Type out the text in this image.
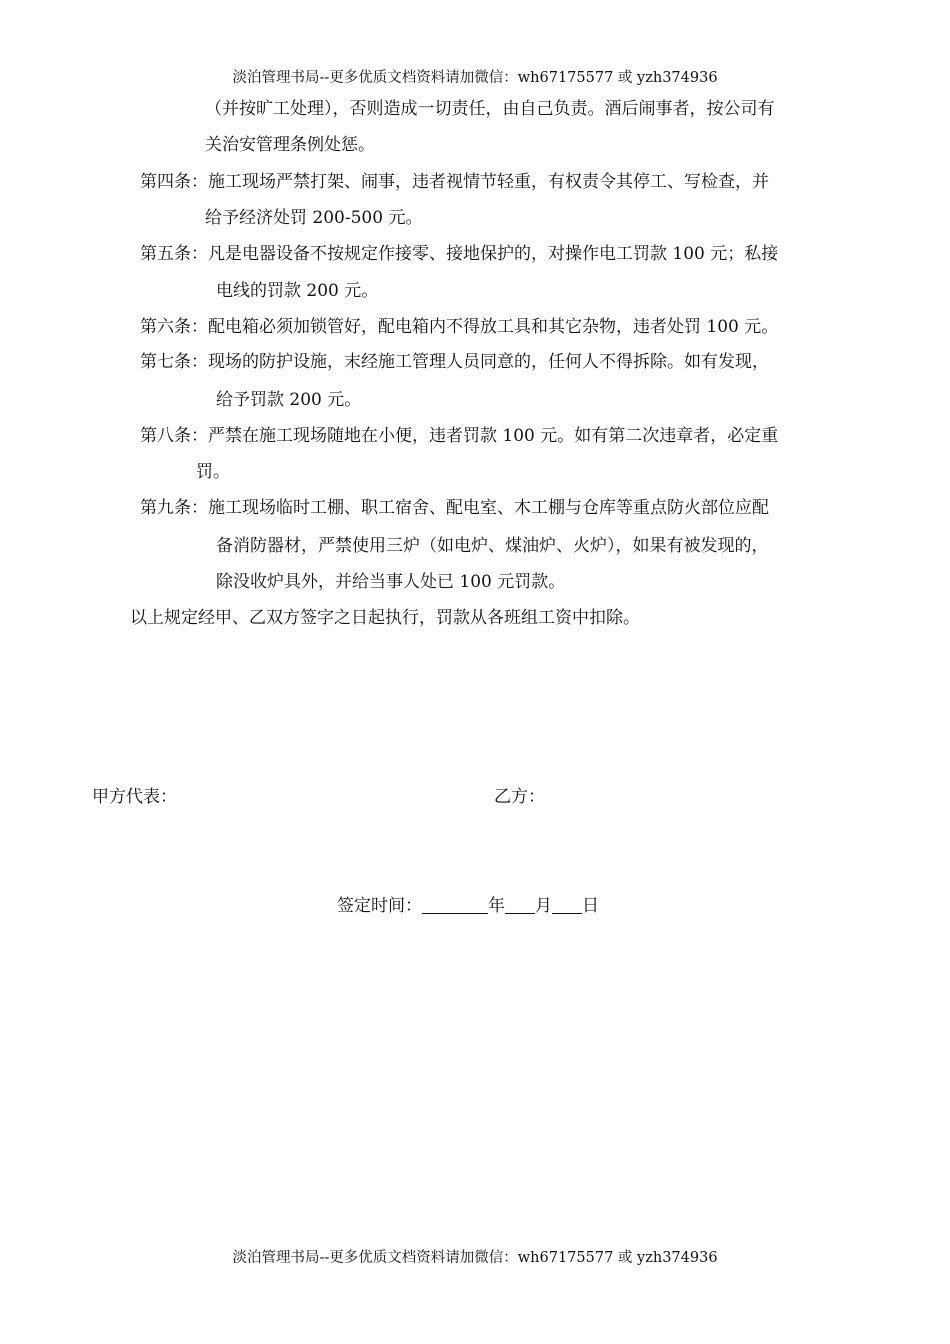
淡泊管理书局--更多优质文档资料请加微信：wh67175577 或 yzh374936
（并按旷工处理），否则造成一切责任，由自己负责。酒后闹事者，按公司有
关治安管理条例处惩。
第四条：施工现场严禁打架、闹事，违者视情节轻重，有权责令其停工、写检查，并
给予经济处罚 200-500 元。
第五条：凡是电器设备不按规定作接零、接地保护的，对操作电工罚款 100 元；私接
电线的罚款 200 元。
第六条：配电箱必须加锁管好，配电箱内不得放工具和其它杂物，违者处罚 100 元。
第七条：现场的防护设施，末经施工管理人员同意的，任何人不得拆除。如有发现，
给予罚款 200 元。
第八条：严禁在施工现场随地在小便，违者罚款 100 元。如有第二次违章者，必定重
罚。
第九条：施工现场临时工棚、职工宿舍、配电室、木工棚与仓库等重点防火部位应配
备消防器材，严禁使用三炉（如电炉、煤油炉、火炉），如果有被发现的，
除没收炉具外，并给当事人处已 100 元罚款。
以上规定经甲、乙双方签字之日起执行，罚款从各班组工资中扣除。
甲方代表：	乙方：
签定时间：	年 月 日
淡泊管理书局--更多优质文档资料请加微信：wh67175577 或 yzh374936
